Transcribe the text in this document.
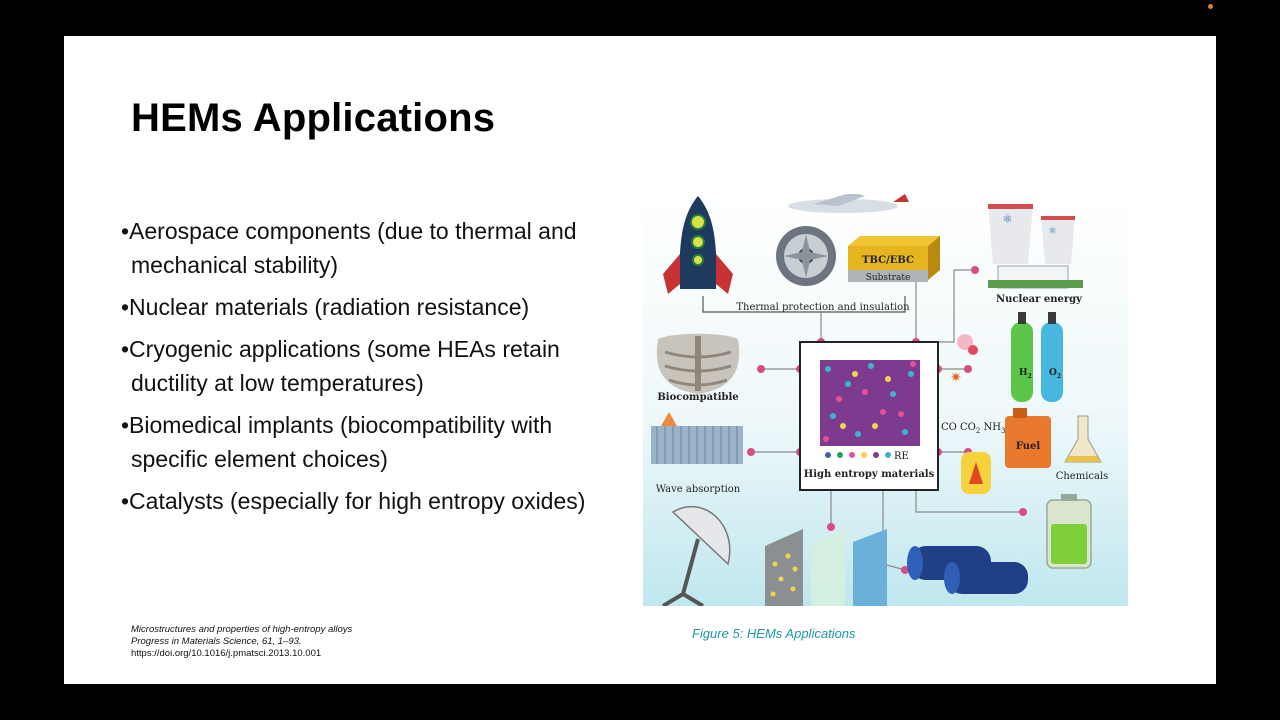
HEMs Applications
•Aerospace components (due to thermal and mechanical stability)
•Nuclear materials (radiation resistance)
•Cryogenic applications (some HEAs retain ductility at low temperatures)
•Biomedical implants (biocompatibility with specific element choices)
•Catalysts (especially for high entropy oxides)
Microstructures and properties of high-entropy alloys
Progress in Materials Science, 61, 1–93.
https://doi.org/10.1016/j.pmatsci.2013.10.001
TBC/EBC
Substrate
⚛
⚛
Nuclear energy
Thermal protection and insulation
RE
High entropy materials
Biocompatible
Wave absorption
✷	$H_2$ $O_2$
CO $CO_2$ $NH_3$
Fuel
Chemicals
Figure 5: HEMs Applications
